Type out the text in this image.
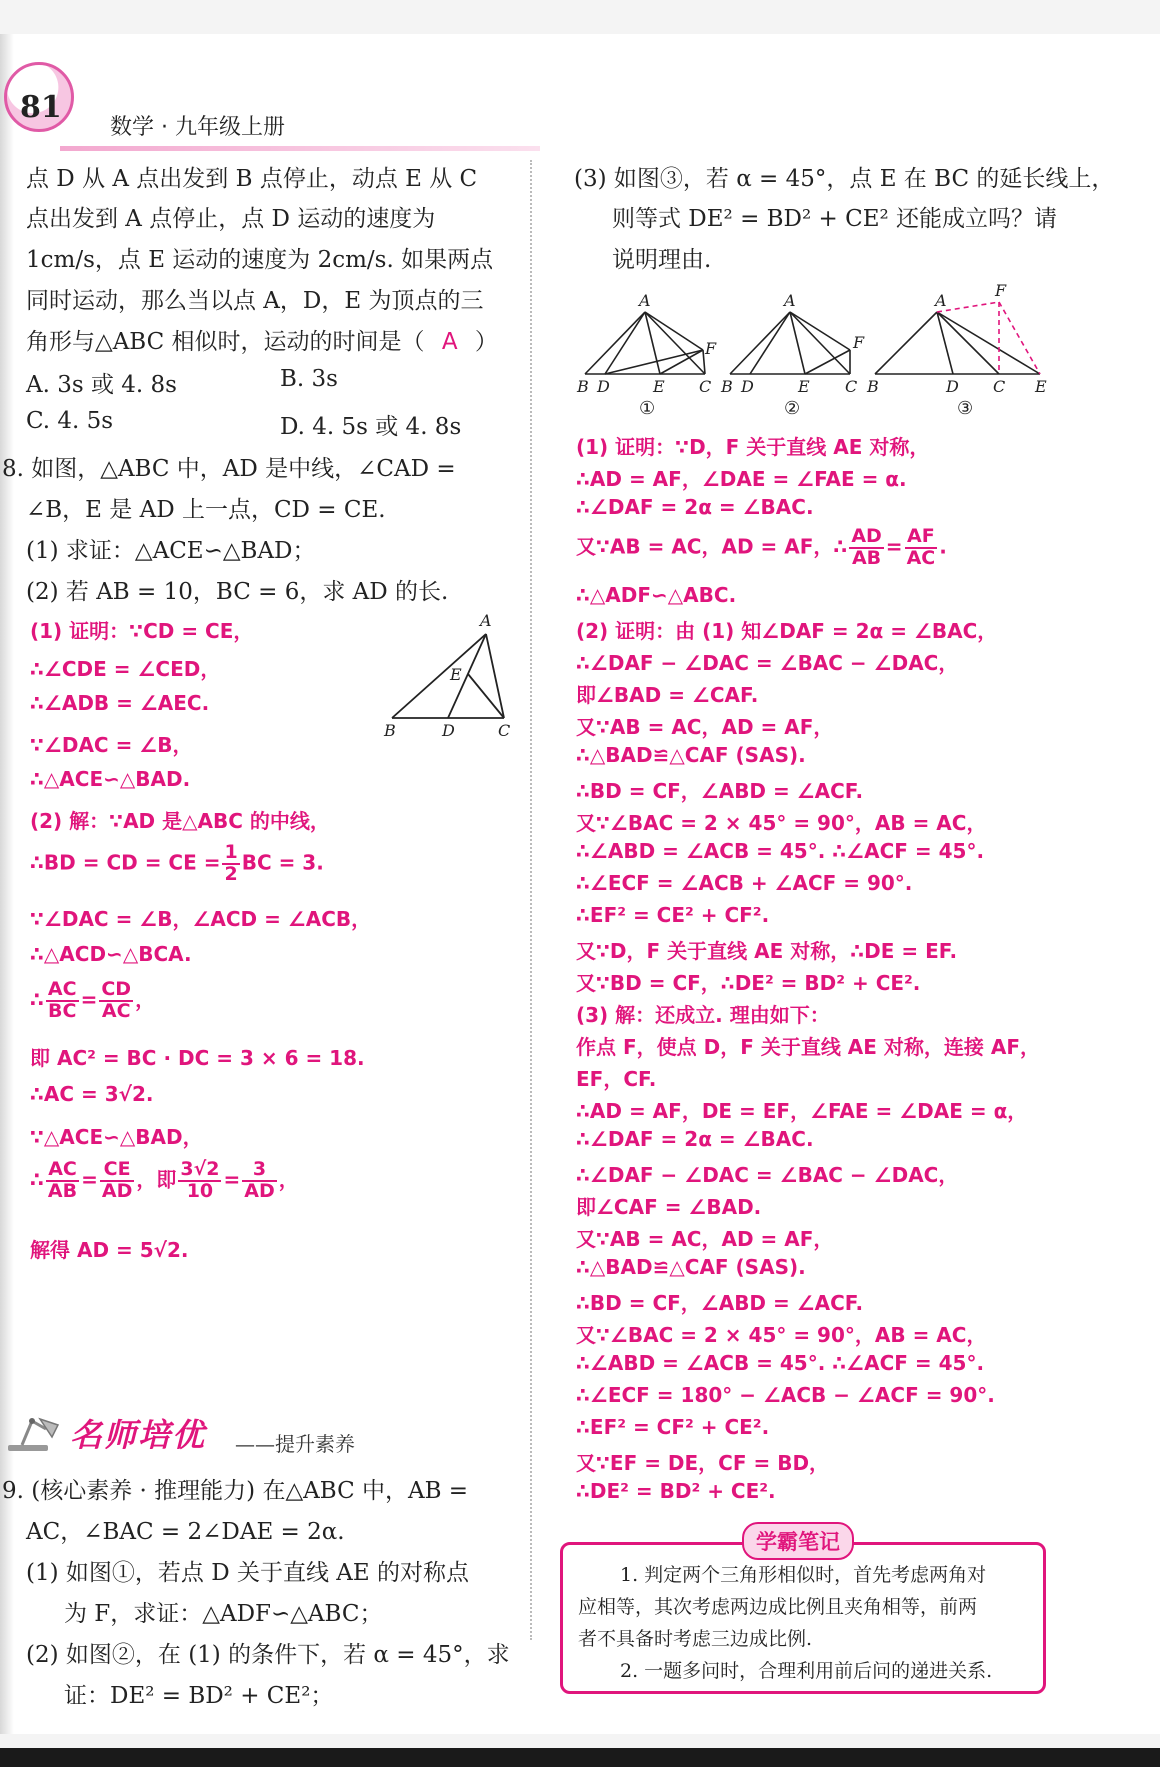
81
数学 · 九年级上册
点 D 从 A 点出发到 B 点停止，动点 E 从 C
点出发到 A 点停止，点 D 运动的速度为
1cm/s，点 E 运动的速度为 2cm/s. 如果两点
同时运动，那么当以点 A，D，E 为顶点的三
角形与△ABC 相似时，运动的时间是（ A ）
A. 3s 或 4. 8s	B. 3s
C. 4. 5s	D. 4. 5s 或 4. 8s
8. 如图，△ABC 中，AD 是中线，∠CAD =
∠B，E 是 AD 上一点，CD = CE.
(1) 求证：△ACE∽△BAD；
(2) 若 AB = 10，BC = 6，求 AD 的长.
A
E
B	D	C
(1) 证明：∵CD = CE，
∴∠CDE = ∠CED，
∴∠ADB = ∠AEC.
∵∠DAC = ∠B，
∴△ACE∽△BAD.
(2) 解：∵AD 是△ABC 的中线，
∴BD = CD = CE = $\frac{1}{2}$ BC = 3.
∵∠DAC = ∠B，∠ACD = ∠ACB，
∴△ACD∽△BCA.
∴ $\frac{AC}{BC} = \frac{CD}{AC}$ ，
即 AC² = BC · DC = 3 × 6 = 18.
∴AC = 3√2.
∵△ACE∽△BAD，
∴ $\frac{AC}{AB} = \frac{CE}{AD}$ ，即 $\frac{3√2}{10} = \frac{3}{AD}$ ，
解得 AD = 5√2.
名师培优 ——提升素养
9. (核心素养 · 推理能力) 在△ABC 中，AB =
AC，∠BAC = 2∠DAE = 2α.
(1) 如图①，若点 D 关于直线 AE 的对称点
为 F，求证：△ADF∽△ABC；
(2) 如图②，在 (1) 的条件下，若 α = 45°，求
证：DE² = BD² + CE²；
(3) 如图③，若 α = 45°，点 E 在 BC 的延长线上，
则等式 DE² = BD² + CE² 还能成立吗？请
说明理由.
A
B D	E C
F
①
A
B D	E C
F
②
A
B	D C E
F
③
(1) 证明：∵D，F 关于直线 AE 对称，
∴AD = AF，∠DAE = ∠FAE = α.
∴∠DAF = 2α = ∠BAC.
又∵AB = AC，AD = AF，∴ $\frac{AD}{AB} = \frac{AF}{AC}$ .
∴△ADF∽△ABC.
(2) 证明：由 (1) 知∠DAF = 2α = ∠BAC，
∴∠DAF − ∠DAC = ∠BAC − ∠DAC，
即∠BAD = ∠CAF.
又∵AB = AC，AD = AF，
∴△BAD≌△CAF (SAS).
∴BD = CF，∠ABD = ∠ACF.
又∵∠BAC = 2 × 45° = 90°，AB = AC，
∴∠ABD = ∠ACB = 45°. ∴∠ACF = 45°.
∴∠ECF = ∠ACB + ∠ACF = 90°.
∴EF² = CE² + CF².
又∵D，F 关于直线 AE 对称，∴DE = EF.
又∵BD = CF，∴DE² = BD² + CE².
(3) 解：还成立. 理由如下：
作点 F，使点 D，F 关于直线 AE 对称，连接 AF，
EF，CF.
∴AD = AF，DE = EF，∠FAE = ∠DAE = α，
∴∠DAF = 2α = ∠BAC.
∴∠DAF − ∠DAC = ∠BAC − ∠DAC，
即∠CAF = ∠BAD.
又∵AB = AC，AD = AF，
∴△BAD≌△CAF (SAS).
∴BD = CF，∠ABD = ∠ACF.
又∵∠BAC = 2 × 45° = 90°，AB = AC，
∴∠ABD = ∠ACB = 45°. ∴∠ACF = 45°.
∴∠ECF = 180° − ∠ACB − ∠ACF = 90°.
∴EF² = CF² + CE².
又∵EF = DE，CF = BD，
∴DE² = BD² + CE².
学霸笔记
1. 判定两个三角形相似时，首先考虑两角对
应相等，其次考虑两边成比例且夹角相等，前两
者不具备时考虑三边成比例.
2. 一题多问时，合理利用前后问的递进关系.
